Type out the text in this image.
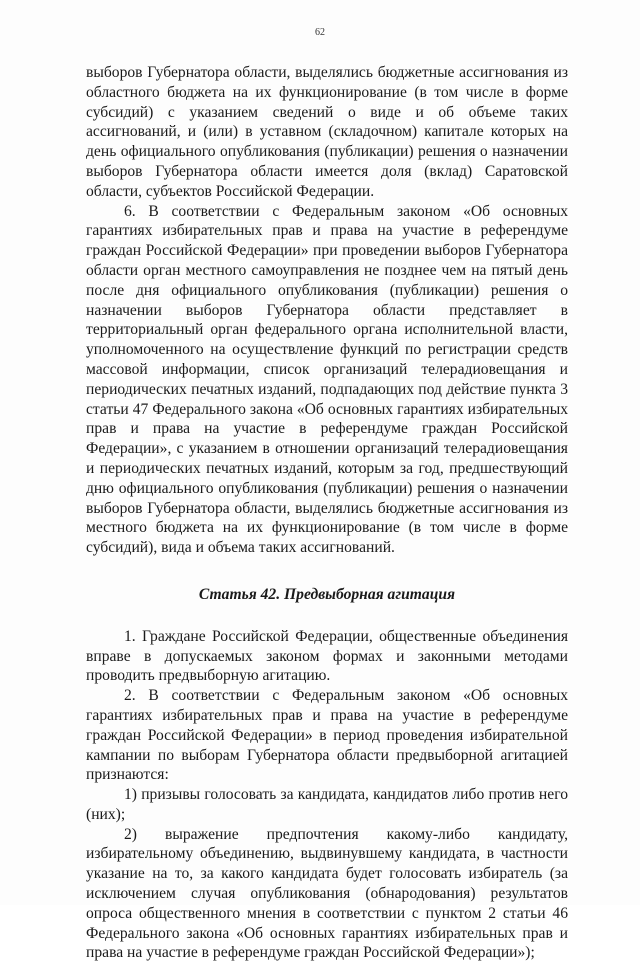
62

выборов Губернатора области, выделялись бюджетные ассигнования из областного бюджета на их функционирование (в том числе в форме субсидий) с указанием сведений о виде и об объеме таких ассигнований, и (или) в уставном (складочном) капитале которых на день официального опубликования (публикации) решения о назначении выборов Губернатора области имеется доля (вклад) Саратовской области, субъектов Российской Федерации.

6. В соответствии с Федеральным законом «Об основных гарантиях избирательных прав и права на участие в референдуме граждан Российской Федерации» при проведении выборов Губернатора области орган местного самоуправления не позднее чем на пятый день после дня официального опубликования (публикации) решения о назначении выборов Губернатора области представляет в территориальный орган федерального органа исполнительной власти, уполномоченного на осуществление функций по регистрации средств массовой информации, список организаций телерадиовещания и периодических печатных изданий, подпадающих под действие пункта 3 статьи 47 Федерального закона «Об основных гарантиях избирательных прав и права на участие в референдуме граждан Российской Федерации», с указанием в отношении организаций телерадиовещания и периодических печатных изданий, которым за год, предшествующий дню официального опубликования (публикации) решения о назначении выборов Губернатора области, выделялись бюджетные ассигнования из местного бюджета на их функционирование (в том числе в форме субсидий), вида и объема таких ассигнований.

Статья 42. Предвыборная агитация

1. Граждане Российской Федерации, общественные объединения вправе в допускаемых законом формах и законными методами проводить предвыборную агитацию.

2. В соответствии с Федеральным законом «Об основных гарантиях избирательных прав и права на участие в референдуме граждан Российской Федерации» в период проведения избирательной кампании по выборам Губернатора области предвыборной агитацией признаются:

1) призывы голосовать за кандидата, кандидатов либо против него (них);

2) выражение предпочтения какому-либо кандидату, избирательному объединению, выдвинувшему кандидата, в частности указание на то, за какого кандидата будет голосовать избиратель (за исключением случая опубликования (обнародования) результатов опроса общественного мнения в соответствии с пунктом 2 статьи 46 Федерального закона «Об основных гарантиях избирательных прав и права на участие в референдуме граждан Российской Федерации»);
